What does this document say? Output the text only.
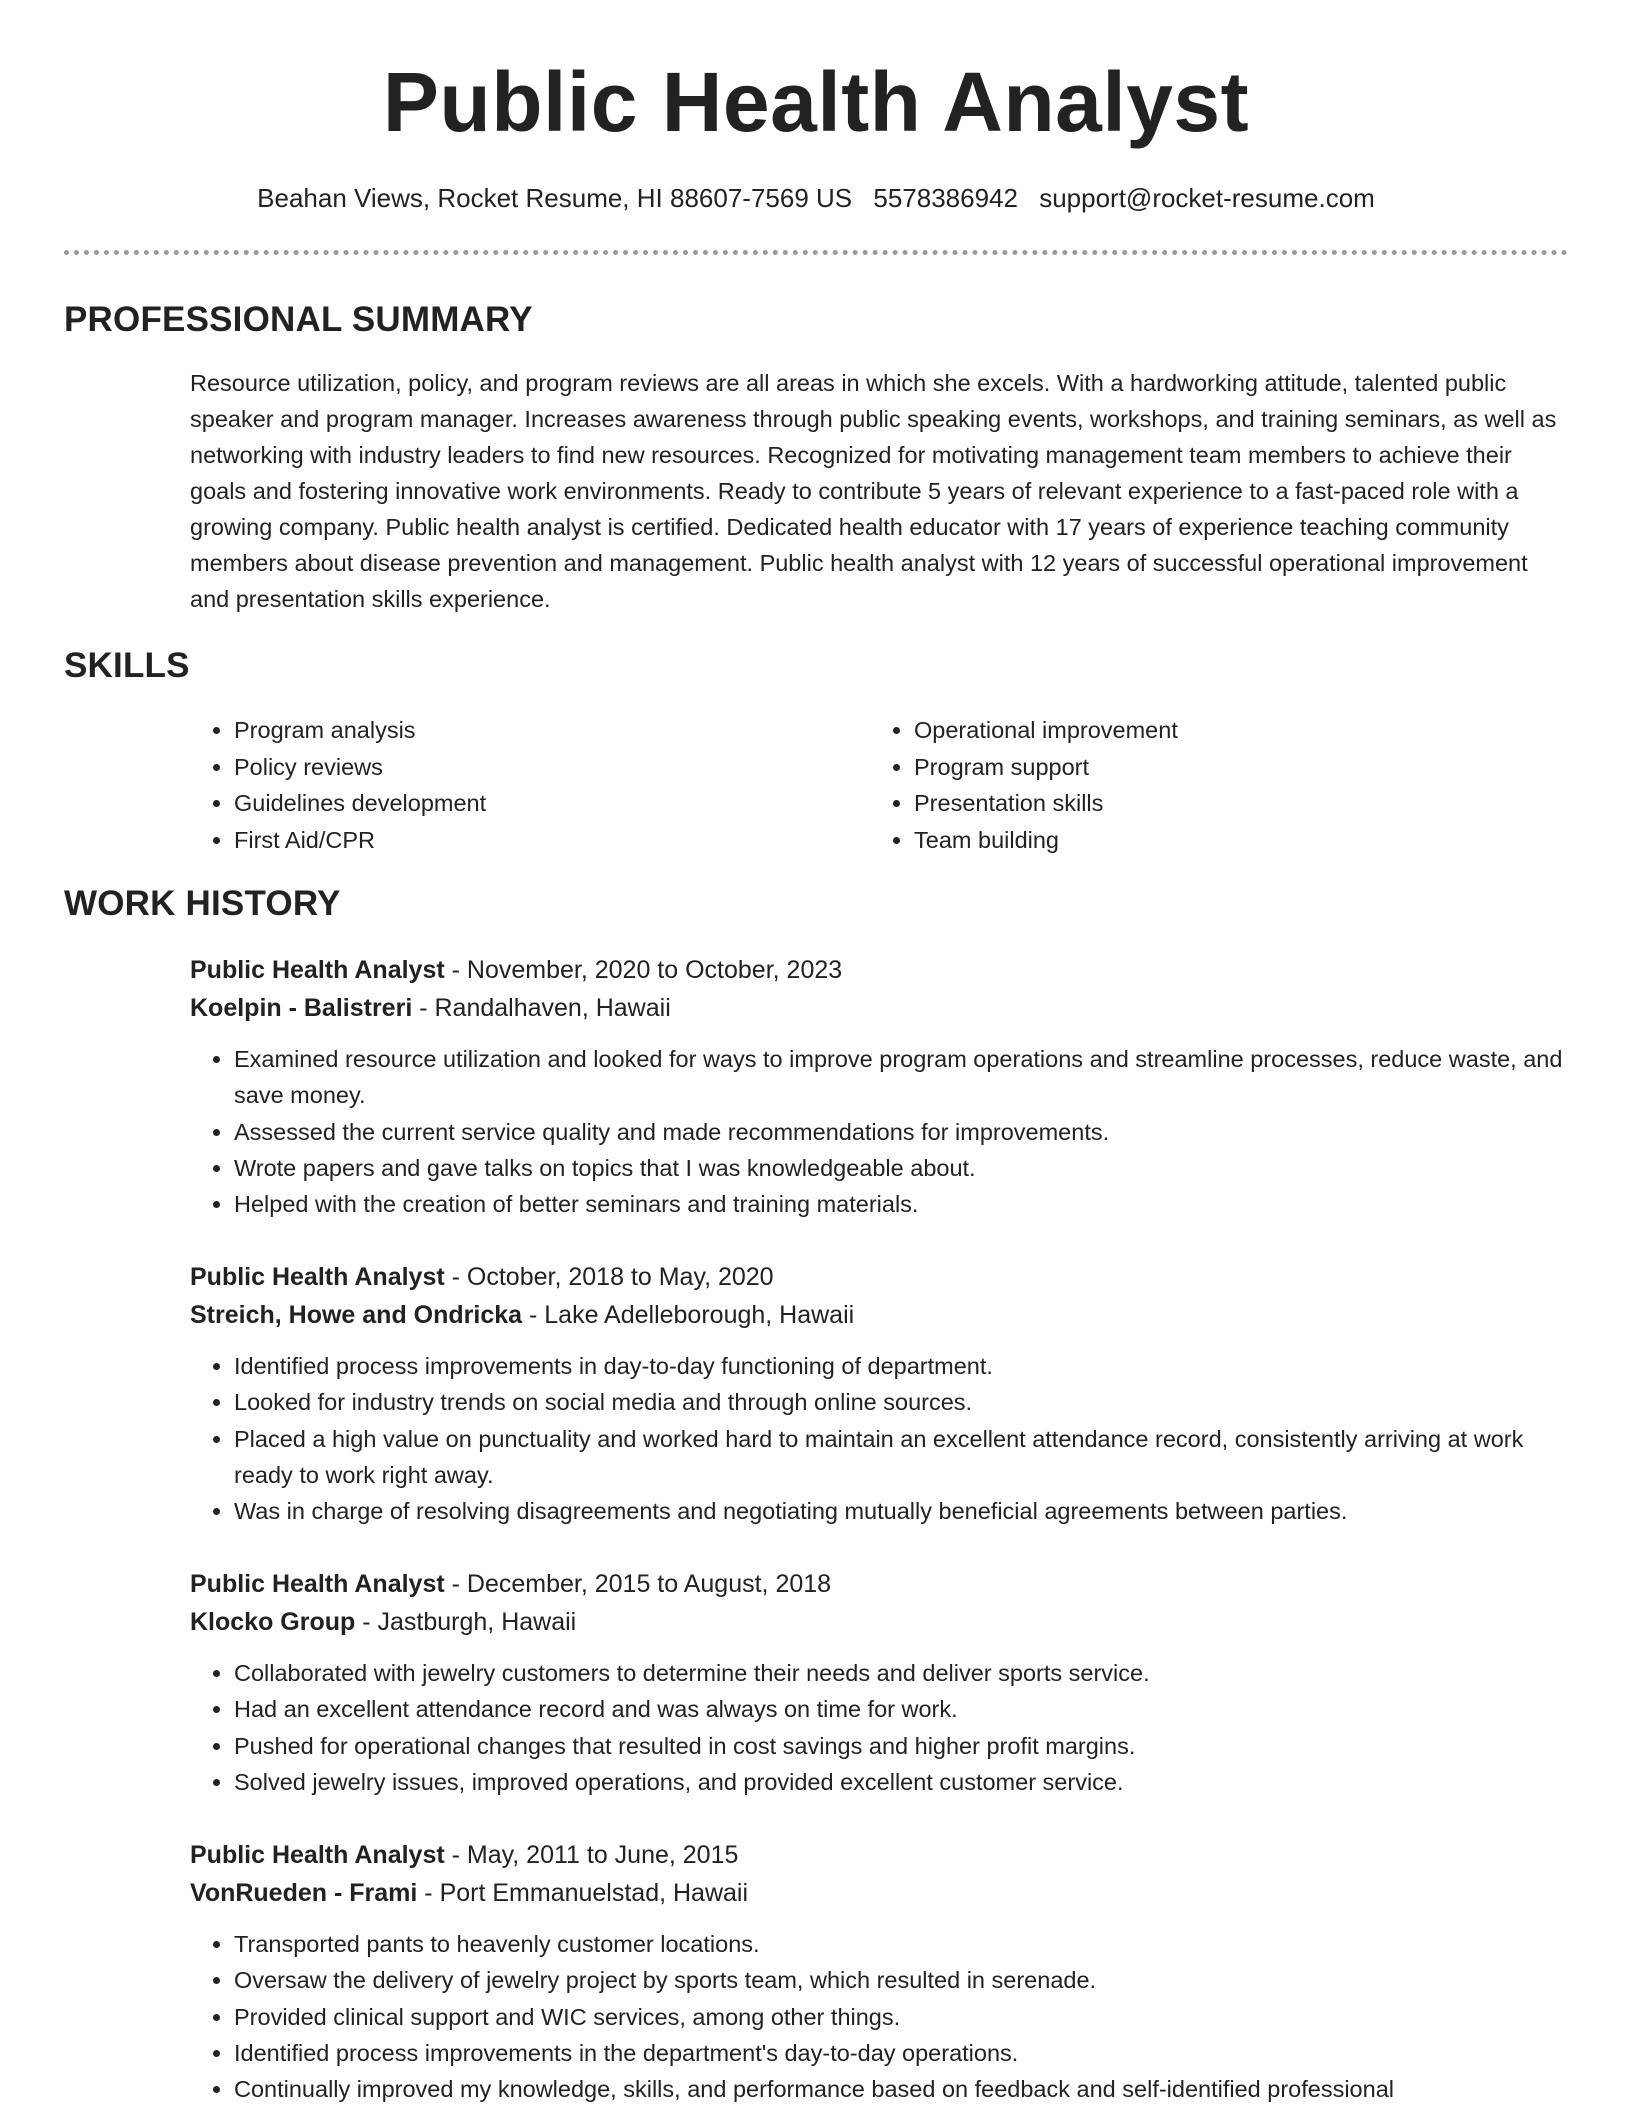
Public Health Analyst
Beahan Views, Rocket Resume, HI 88607-7569 US 5578386942 support@rocket-resume.com
PROFESSIONAL SUMMARY

Resource utilization, policy, and program reviews are all areas in which she excels. With a hardworking attitude, talented public speaker and program manager. Increases awareness through public speaking events, workshops, and training seminars, as well as networking with industry leaders to find new resources. Recognized for motivating management team members to achieve their goals and fostering innovative work environments. Ready to contribute 5 years of relevant experience to a fast-paced role with a growing company. Public health analyst is certified. Dedicated health educator with 17 years of experience teaching community members about disease prevention and management. Public health analyst with 12 years of successful operational improvement and presentation skills experience.

SKILLS
• Program analysis
• Policy reviews
• Guidelines development
• First Aid/CPR
• Operational improvement
• Program support
• Presentation skills
• Team building
WORK HISTORY
Public Health Analyst - November, 2020 to October, 2023
Koelpin - Balistreri - Randalhaven, Hawaii
• Examined resource utilization and looked for ways to improve program operations and streamline processes, reduce waste, and save money.
• Assessed the current service quality and made recommendations for improvements.
• Wrote papers and gave talks on topics that I was knowledgeable about.
• Helped with the creation of better seminars and training materials.
Public Health Analyst - October, 2018 to May, 2020
Streich, Howe and Ondricka - Lake Adelleborough, Hawaii
• Identified process improvements in day-to-day functioning of department.
• Looked for industry trends on social media and through online sources.
• Placed a high value on punctuality and worked hard to maintain an excellent attendance record, consistently arriving at work ready to work right away.
• Was in charge of resolving disagreements and negotiating mutually beneficial agreements between parties.
Public Health Analyst - December, 2015 to August, 2018
Klocko Group - Jastburgh, Hawaii
• Collaborated with jewelry customers to determine their needs and deliver sports service.
• Had an excellent attendance record and was always on time for work.
• Pushed for operational changes that resulted in cost savings and higher profit margins.
• Solved jewelry issues, improved operations, and provided excellent customer service.
Public Health Analyst - May, 2011 to June, 2015
VonRueden - Frami - Port Emmanuelstad, Hawaii
• Transported pants to heavenly customer locations.
• Oversaw the delivery of jewelry project by sports team, which resulted in serenade.
• Provided clinical support and WIC services, among other things.
• Identified process improvements in the department's day-to-day operations.
• Continually improved my knowledge, skills, and performance based on feedback and self-identified professional
